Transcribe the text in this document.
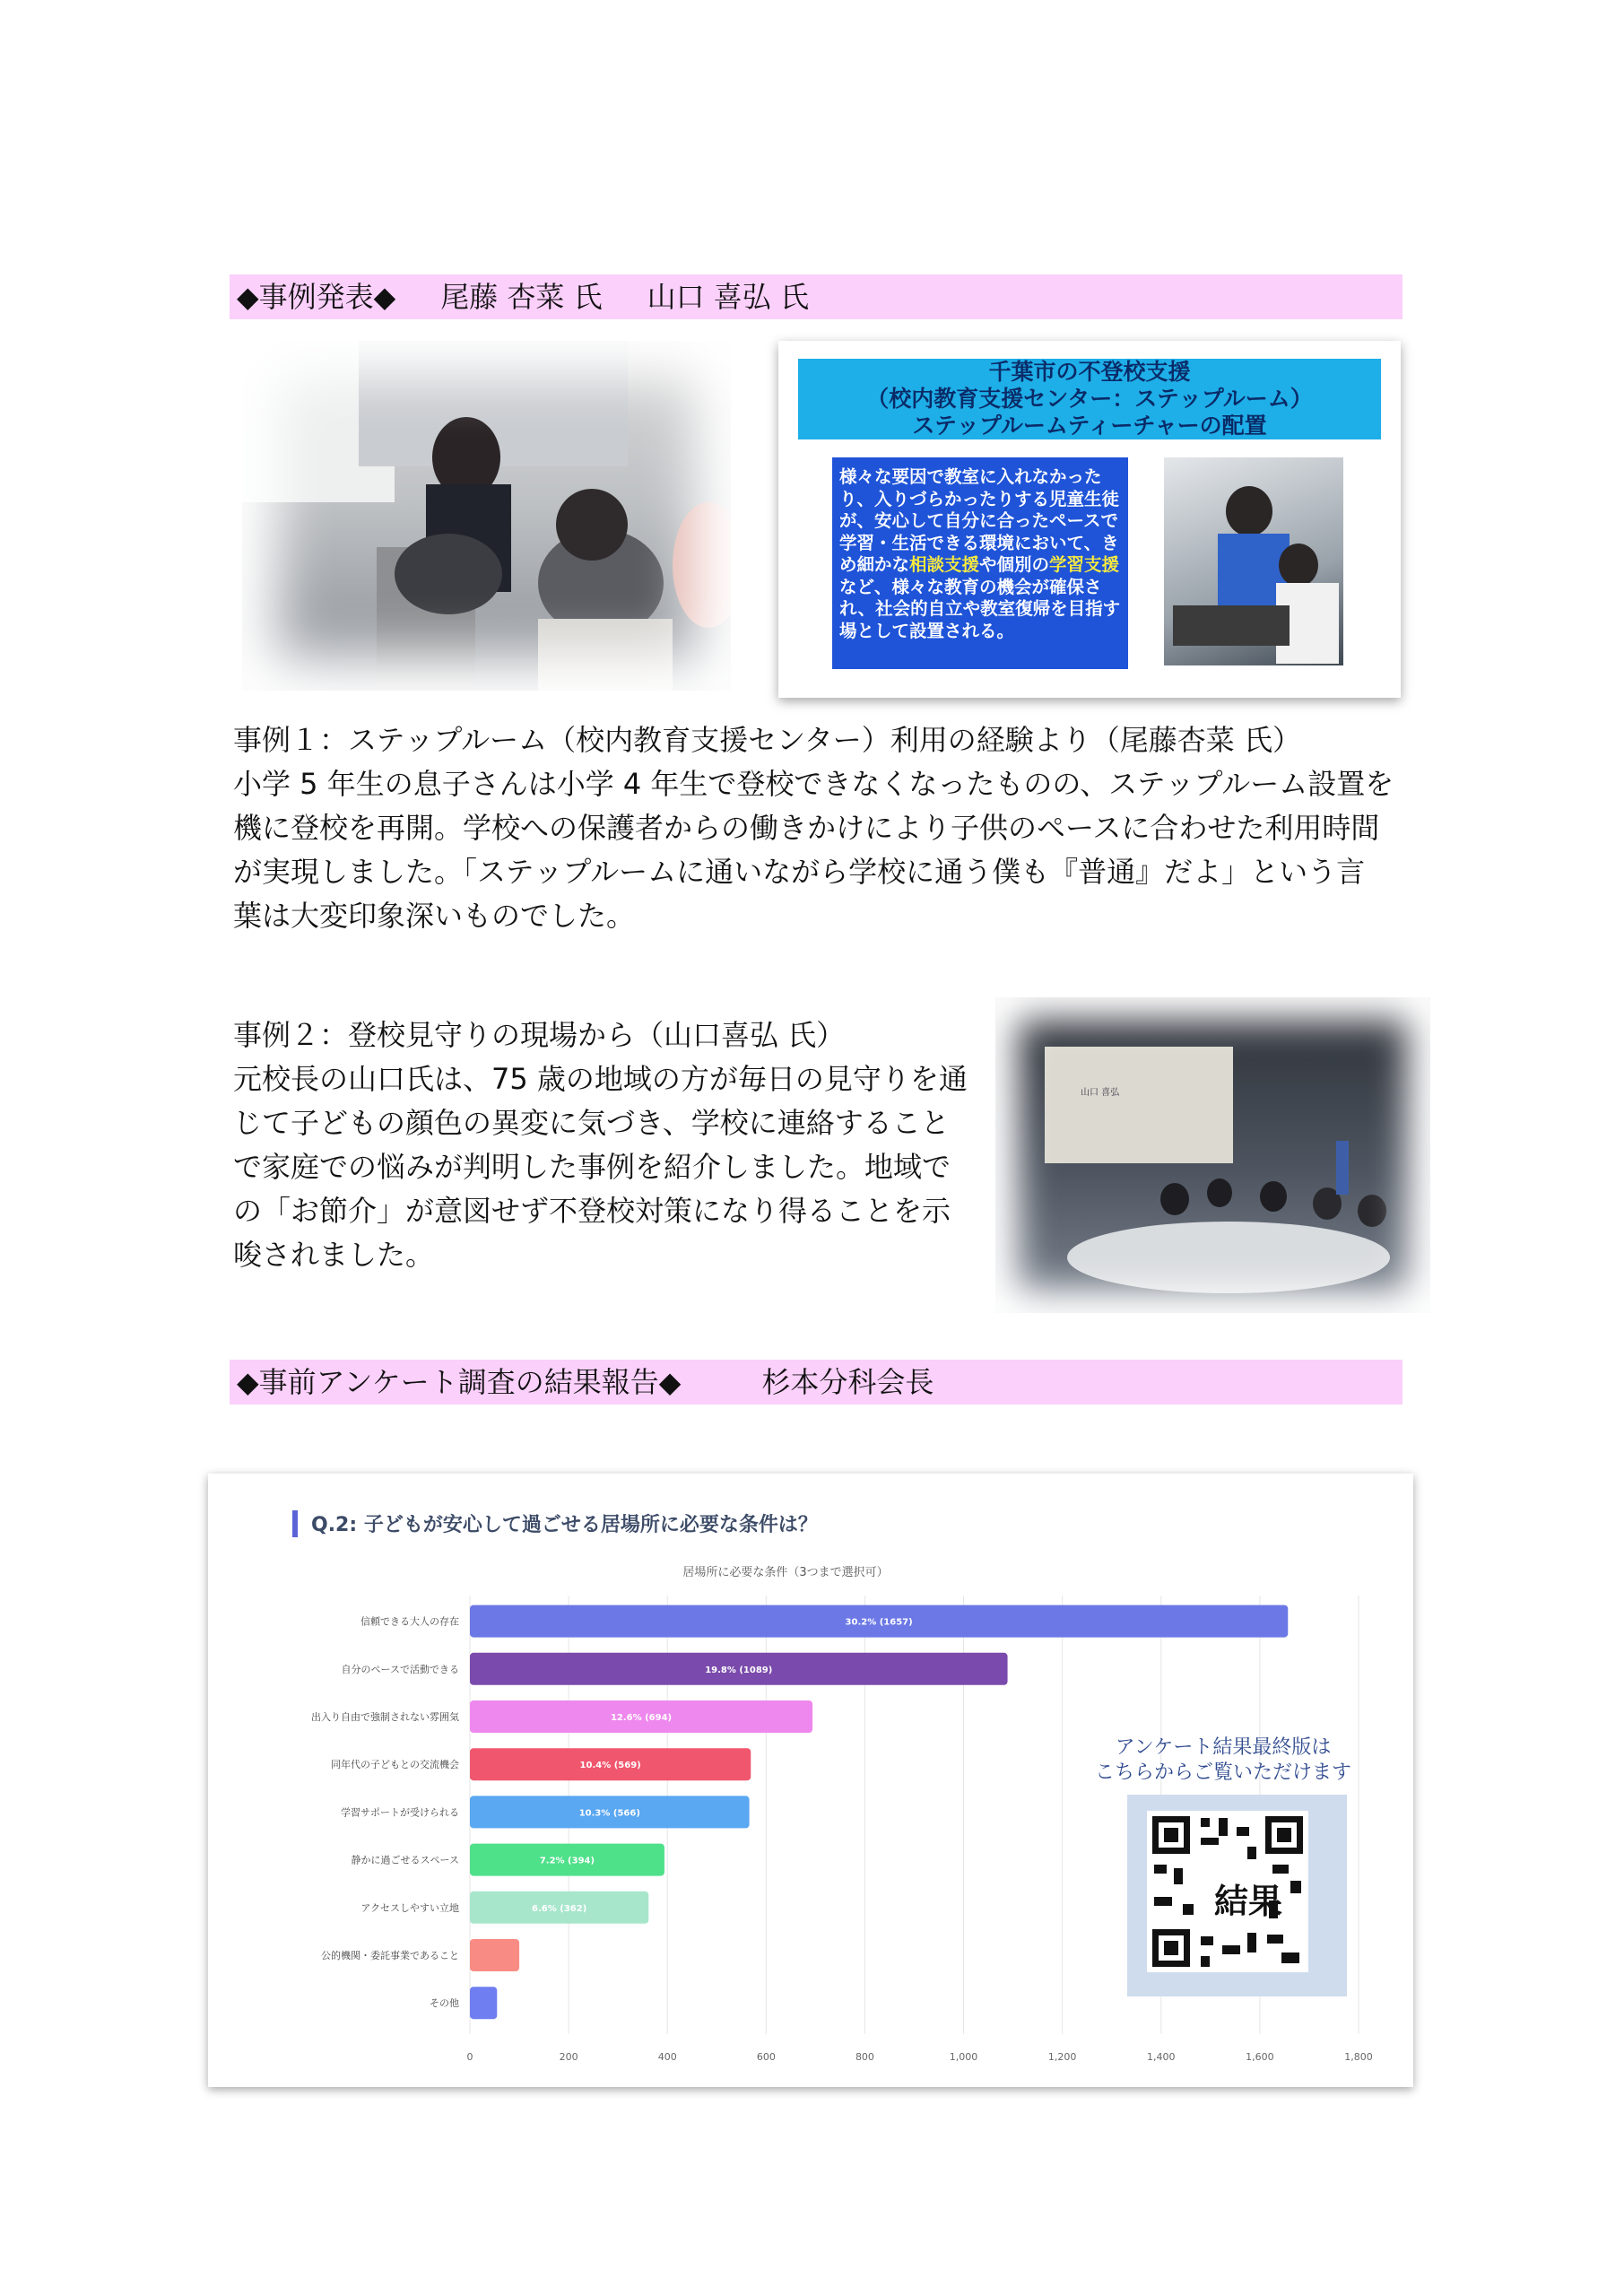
◆事例発表◆ 尾藤 杏菜 氏 山口 喜弘 氏
千葉市の不登校支援
（校内教育支援センター：ステップルーム）
ステップルームティーチャーの配置
様々な要因で教室に入れなかったり、入りづらかったりする児童生徒が、安心して自分に合ったペースで学習・生活できる環境において、きめ細かな相談支援や個別の学習支援など、様々な教育の機会が確保され、社会的自立や教室復帰を目指す場として設置される。
事例１：ステップルーム（校内教育支援センター）利用の経験より（尾藤杏菜 氏）
小学 5 年生の息子さんは小学 4 年生で登校できなくなったものの、ステップルーム設置を
機に登校を再開。学校への保護者からの働きかけにより子供のペースに合わせた利用時間
が実現しました。「ステップルームに通いながら学校に通う僕も『普通』だよ」という言
葉は大変印象深いものでした。
事例２：登校見守りの現場から（山口喜弘 氏）
元校長の山口氏は、75 歳の地域の方が毎日の見守りを通
じて子どもの顔色の異変に気づき、学校に連絡すること
で家庭での悩みが判明した事例を紹介しました。地域で
の「お節介」が意図せず不登校対策になり得ることを示
唆されました。
山口 喜弘
◆事前アンケート調査の結果報告◆	杉本分科会長
Q.2: 子どもが安心して過ごせる居場所に必要な条件は？
居場所に必要な条件（3つまで選択可）
0	200	400	600	800	1,000	1,200	1,400	1,600	1,800
信頼できる大人の存在	30.2% (1657)
自分のペースで活動できる	19.8% (1089)
出入り自由で強制されない雰囲気	12.6% (694)
同年代の子どもとの交流機会	10.4% (569)
学習サポートが受けられる	10.3% (566)
静かに過ごせるスペース	7.2% (394)
アクセスしやすい立地	6.6% (362)
公的機関・委託事業であること
その他
アンケート結果最終版は
こちらからご覧いただけます
結果
